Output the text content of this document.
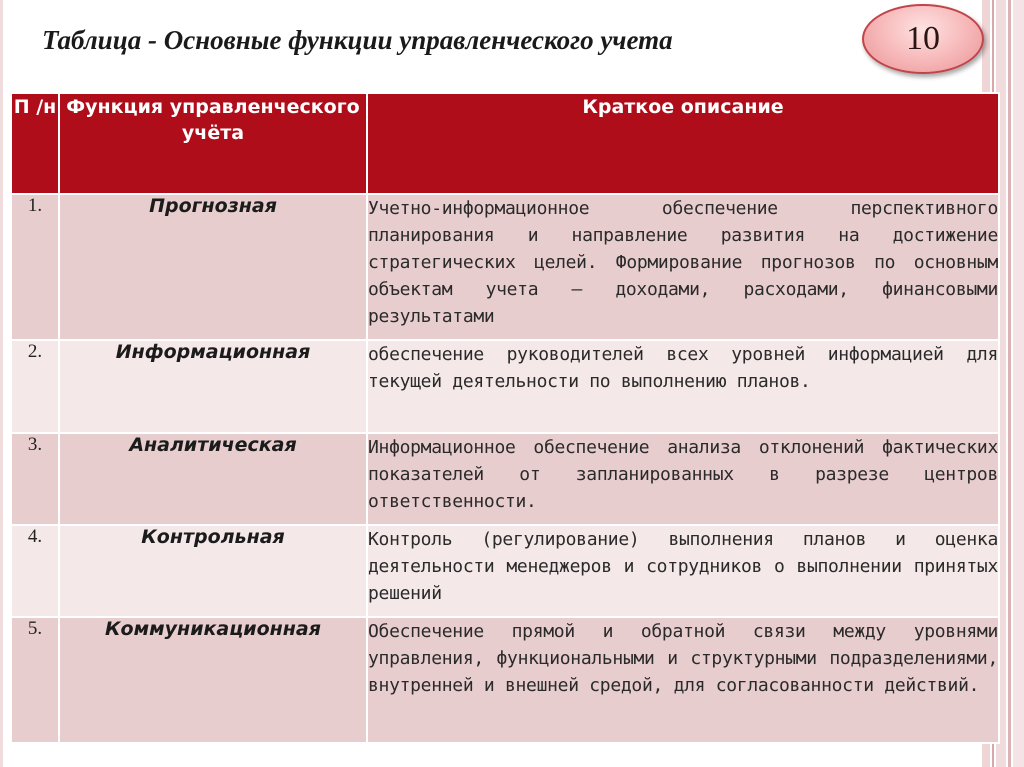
Таблица - Основные функции управленческого учета	10
П /н	Функция управленческого учёта	Краткое описание
1.	Прогнозная	Учетно-информационное обеспечение перспективного планирования и направление развития на достижение стратегических целей. Формирование прогнозов по основным объектам учета — доходами, расходами, финансовыми результатами
2.	Информационная	обеспечение руководителей всех уровней информацией для текущей деятельности по выполнению планов.
3.	Аналитическая	Информационное обеспечение анализа отклонений фактических показателей от запланированных в разрезе центров ответственности.
4.	Контрольная	Контроль (регулирование) выполнения планов и оценка деятельности менеджеров и сотрудников о выполнении принятых решений
5.	Коммуникационная	Обеспечение прямой и обратной связи между уровнями управления, функциональными и структурными подразделениями, внутренней и внешней средой, для согласованности действий.
